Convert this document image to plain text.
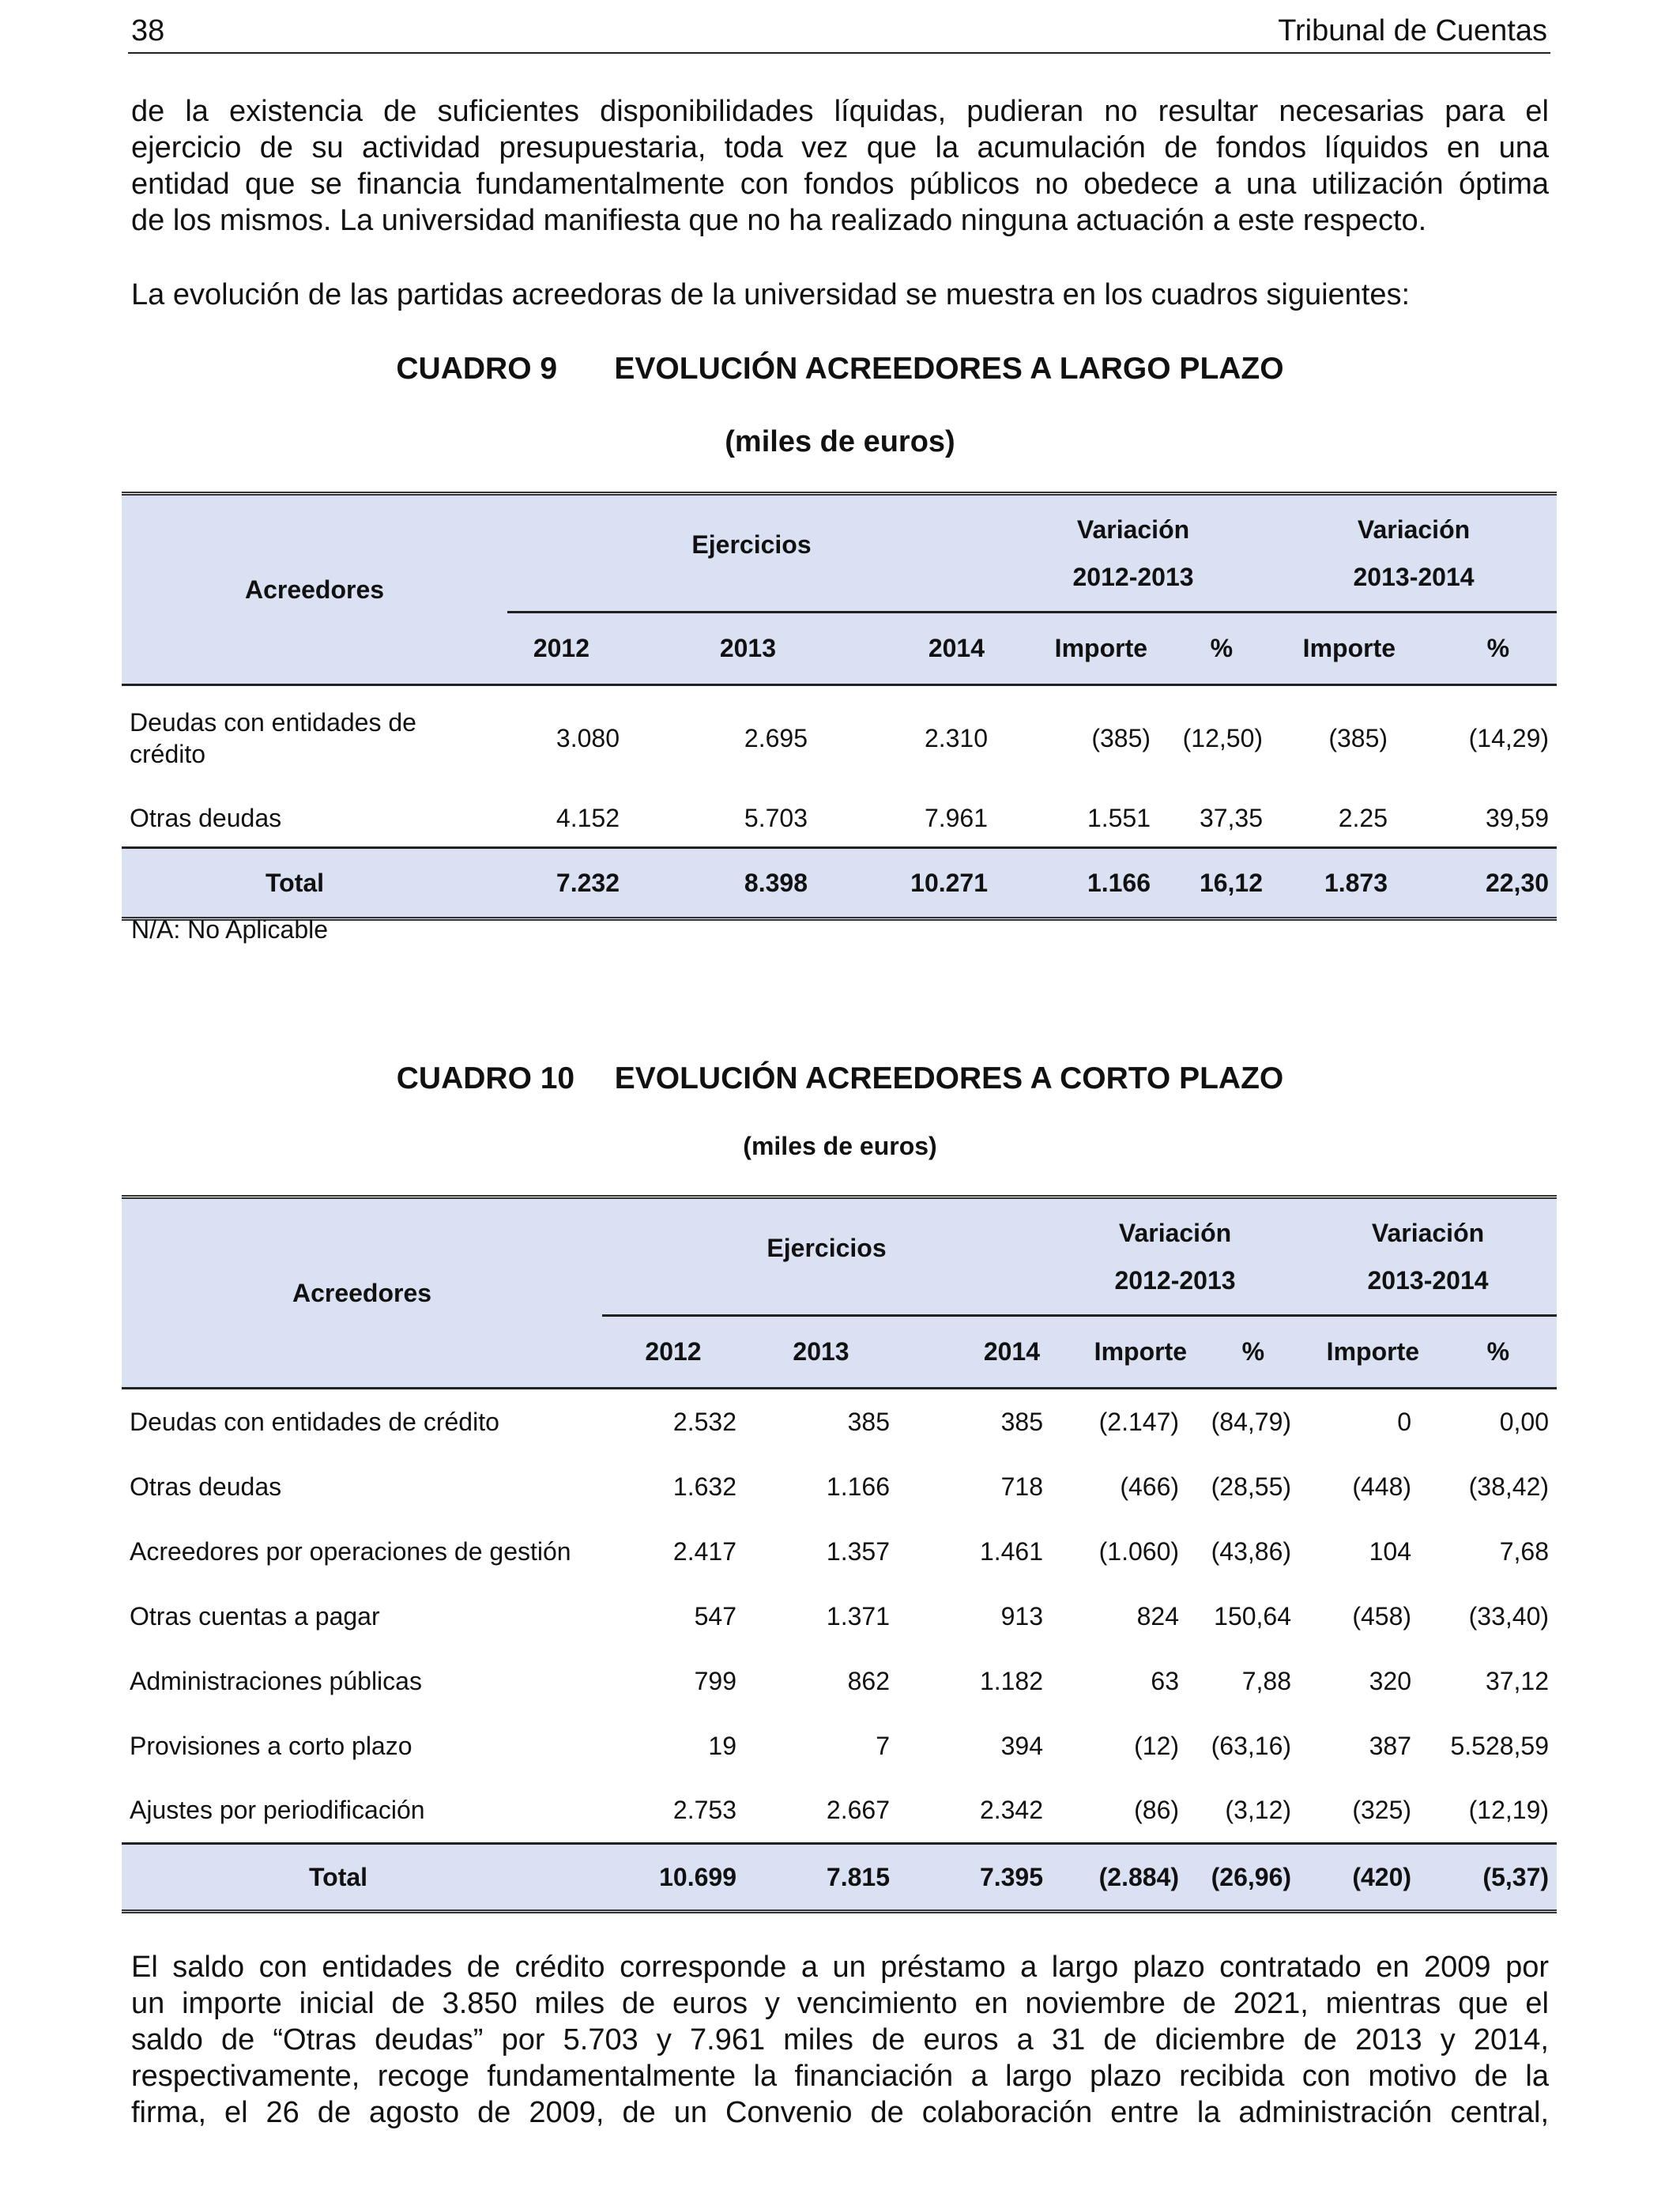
38	Tribunal de Cuentas
de la existencia de suficientes disponibilidades líquidas, pudieran no resultar necesarias para el
ejercicio de su actividad presupuestaria, toda vez que la acumulación de fondos líquidos en una
entidad que se financia fundamentalmente con fondos públicos no obedece a una utilización óptima
de los mismos. La universidad manifiesta que no ha realizado ninguna actuación a este respecto.
La evolución de las partidas acreedoras de la universidad se muestra en los cuadros siguientes:
CUADRO 9 EVOLUCIÓN ACREEDORES A LARGO PLAZO
(miles de euros)
Acreedores	Ejercicios			Variación
2012-2013		Variación
2013-2014	
	2012	2013	2014	Importe	%	Importe	%
Deudas con entidades de
crédito	3.080	2.695	2.310	(385)	(12,50)	(385)	(14,29)
Otras deudas	4.152	5.703	7.961	1.551	37,35	2.25	39,59
Total	7.232	8.398	10.271	1.166	16,12	1.873	22,30
N/A: No Aplicable
CUADRO 10 EVOLUCIÓN ACREEDORES A CORTO PLAZO
(miles de euros)
Acreedores	Ejercicios			Variación
2012-2013		Variación
2013-2014	
	2012	2013	2014	Importe	%	Importe	%
Deudas con entidades de crédito	2.532	385	385	(2.147)	(84,79)	0	0,00
Otras deudas	1.632	1.166	718	(466)	(28,55)	(448)	(38,42)
Acreedores por operaciones de gestión	2.417	1.357	1.461	(1.060)	(43,86)	104	7,68
Otras cuentas a pagar	547	1.371	913	824	150,64	(458)	(33,40)
Administraciones públicas	799	862	1.182	63	7,88	320	37,12
Provisiones a corto plazo	19	7	394	(12)	(63,16)	387	5.528,59
Ajustes por periodificación	2.753	2.667	2.342	(86)	(3,12)	(325)	(12,19)
Total	10.699	7.815	7.395	(2.884)	(26,96)	(420)	(5,37)
El saldo con entidades de crédito corresponde a un préstamo a largo plazo contratado en 2009 por
un importe inicial de 3.850 miles de euros y vencimiento en noviembre de 2021, mientras que el
saldo de “Otras deudas” por 5.703 y 7.961 miles de euros a 31 de diciembre de 2013 y 2014,
respectivamente, recoge fundamentalmente la financiación a largo plazo recibida con motivo de la
firma, el 26 de agosto de 2009, de un Convenio de colaboración entre la administración central,
